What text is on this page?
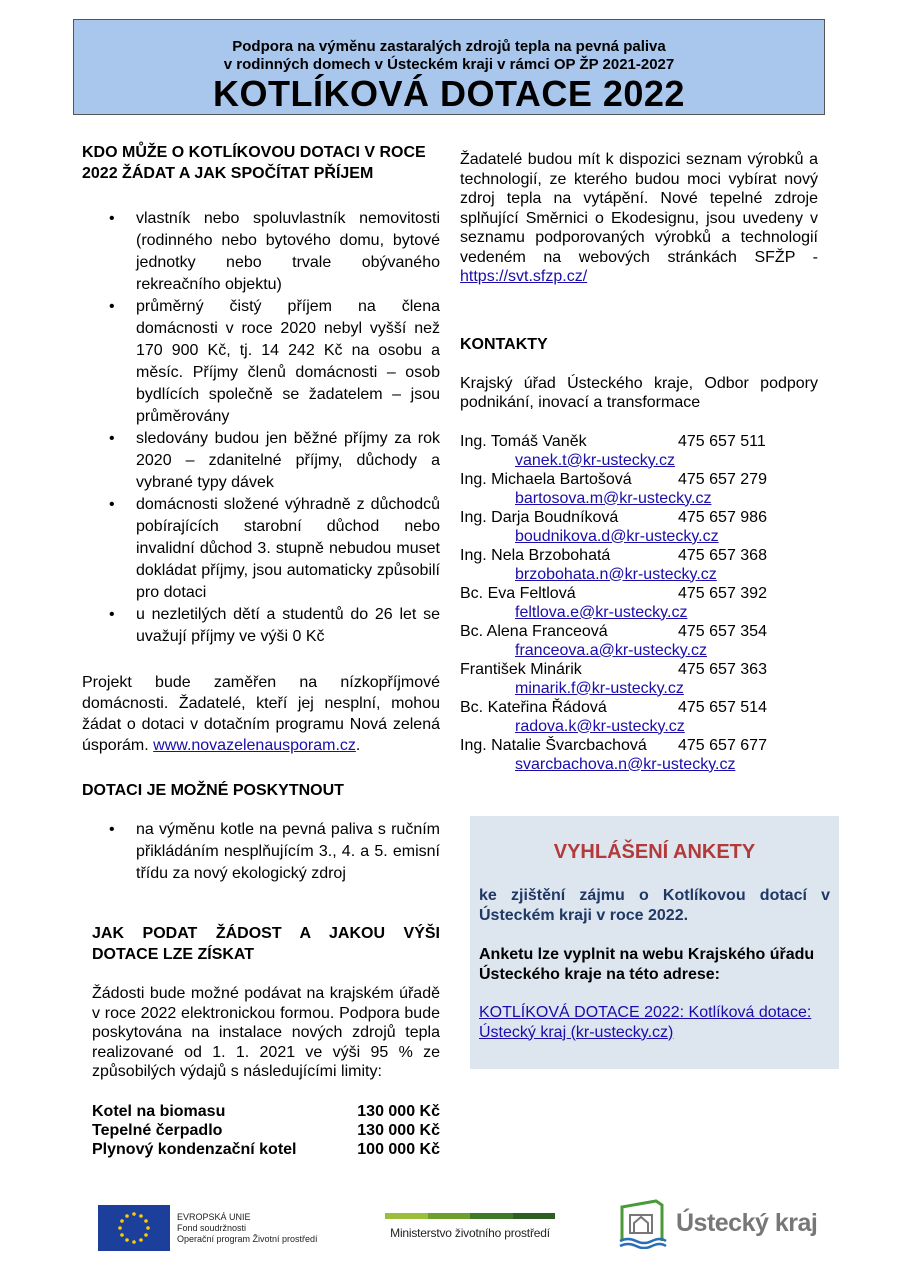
Podpora na výměnu zastaralých zdrojů tepla na pevná paliva
v rodinných domech v Ústeckém kraji v rámci OP ŽP 2021-2027
KOTLÍKOVÁ DOTACE 2022
KDO MŮŽE O KOTLÍKOVOU DOTACI V ROCE 2022 ŽÁDAT A JAK SPOČÍTAT PŘÍJEM
• vlastník nebo spoluvlastník nemovitosti (rodinného nebo bytového domu, bytové jednotky nebo trvale obývaného rekreačního objektu)
• průměrný čistý příjem na člena domácnosti v roce 2020 nebyl vyšší než 170 900 Kč, tj. 14 242 Kč na osobu a měsíc. Příjmy členů domácnosti – osob bydlících společně se žadatelem – jsou průměrovány
• sledovány budou jen běžné příjmy za rok 2020 – zdanitelné příjmy, důchody a vybrané typy dávek
• domácnosti složené výhradně z důchodců pobírajících starobní důchod nebo invalidní důchod 3. stupně nebudou muset dokládat příjmy, jsou automaticky způsobilí pro dotaci
• u nezletilých dětí a studentů do 26 let se uvažují příjmy ve výši 0 Kč
Projekt bude zaměřen na nízkopříjmové domácnosti. Žadatelé, kteří jej nesplní, mohou žádat o dotaci v dotačním programu Nová zelená úsporám. www.novazelenausporam.cz.
DOTACI JE MOŽNÉ POSKYTNOUT
• na výměnu kotle na pevná paliva s ručním přikládáním nesplňujícím 3., 4. a 5. emisní třídu za nový ekologický zdroj
JAK PODAT ŽÁDOST A JAKOU VÝŠI DOTACE LZE ZÍSKAT
Žádosti bude možné podávat na krajském úřadě v roce 2022 elektronickou formou. Podpora bude poskytována na instalace nových zdrojů tepla realizované od 1. 1. 2021 ve výši 95 % ze způsobilých výdajů s následujícími limity:
Kotel na biomasu	130 000 Kč
Tepelné čerpadlo	130 000 Kč
Plynový kondenzační kotel	100 000 Kč
Žadatelé budou mít k dispozici seznam výrobků a technologií, ze kterého budou moci vybírat nový zdroj tepla na vytápění. Nové tepelné zdroje splňující Směrnici o Ekodesignu, jsou uvedeny v seznamu podporovaných výrobků a technologií vedeném na webových stránkách SFŽP - https://svt.sfzp.cz/
KONTAKTY
Krajský úřad Ústeckého kraje, Odbor podpory podnikání, inovací a transformace
Ing. Tomáš Vaněk	475 657 511
vanek.t@kr-ustecky.cz
Ing. Michaela Bartošová	475 657 279
bartosova.m@kr-ustecky.cz
Ing. Darja Boudníková	475 657 986
boudnikova.d@kr-ustecky.cz
Ing. Nela Brzobohatá	475 657 368
brzobohata.n@kr-ustecky.cz
Bc. Eva Feltlová	475 657 392
feltlova.e@kr-ustecky.cz
Bc. Alena Franceová	475 657 354
franceova.a@kr-ustecky.cz
František Minárik	475 657 363
minarik.f@kr-ustecky.cz
Bc. Kateřina Řádová	475 657 514
radova.k@kr-ustecky.cz
Ing. Natalie Švarcbachová	475 657 677
svarcbachova.n@kr-ustecky.cz
VYHLÁŠENÍ ANKETY
ke zjištění zájmu o Kotlíkovou dotací v Ústeckém kraji v roce 2022.
Anketu lze vyplnit na webu Krajského úřadu Ústeckého kraje na této adrese:
KOTLÍKOVÁ DOTACE 2022: Kotlíková dotace: Ústecký kraj (kr-ustecky.cz)
EVROPSKÁ UNIE
Fond soudržnosti
Operační program Životní prostředí	Ministerstvo životního prostředí	Ústecký kraj
